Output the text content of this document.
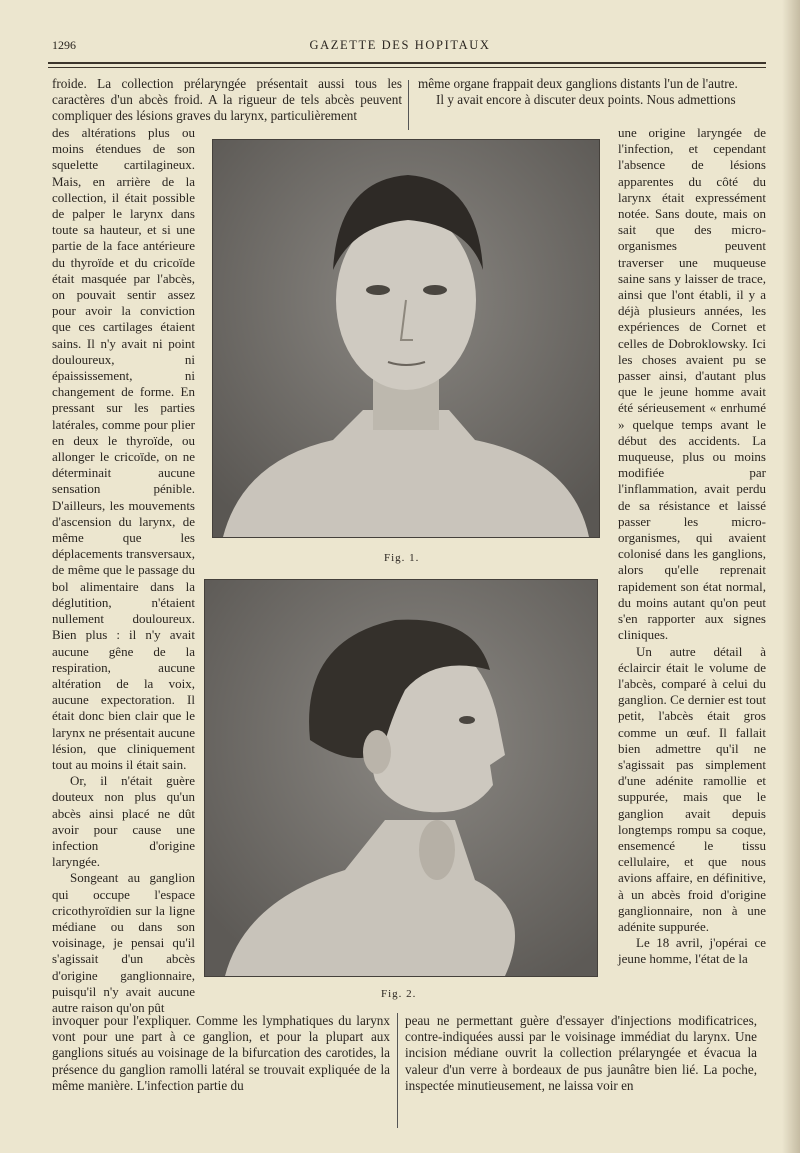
1296	GAZETTE DES HOPITAUX

froide. La collection prélaryngée présentait aussi tous les caractères d'un abcès froid. A la rigueur de tels abcès peuvent compliquer des lésions graves du larynx, particulièrement

même organe frappait deux ganglions distants l'un de l'autre.

Il y avait encore à discuter deux points. Nous admettions

des altérations plus ou moins étendues de son squelette cartilagineux. Mais, en arrière de la collection, il était possible de palper le larynx dans toute sa hauteur, et si une partie de la face antérieure du thyroïde et du cricoïde était masquée par l'abcès, on pouvait sentir assez pour avoir la conviction que ces cartilages étaient sains. Il n'y avait ni point douloureux, ni épaississement, ni changement de forme. En pressant sur les parties latérales, comme pour plier en deux le thyroïde, ou allonger le cricoïde, on ne déterminait aucune sensation pénible. D'ailleurs, les mouvements d'ascension du larynx, de même que les déplacements transversaux, de même que le passage du bol alimentaire dans la déglutition, n'étaient nullement douloureux. Bien plus : il n'y avait aucune gêne de la respiration, aucune altération de la voix, aucune expectoration. Il était donc bien clair que le larynx ne présentait aucune lésion, que cliniquement tout au moins il était sain.

Or, il n'était guère douteux non plus qu'un abcès ainsi placé ne dût avoir pour cause une infection d'origine laryngée.

Songeant au ganglion qui occupe l'espace cricothyroïdien sur la ligne médiane ou dans son voisinage, je pensai qu'il s'agissait d'un abcès d'origine ganglionnaire, puisqu'il n'y avait aucune autre raison qu'on pût

une origine laryngée de l'infection, et cependant l'absence de lésions apparentes du côté du larynx était expressément notée. Sans doute, mais on sait que des micro-organismes peuvent traverser une muqueuse saine sans y laisser de trace, ainsi que l'ont établi, il y a déjà plusieurs années, les expériences de Cornet et celles de Dobroklowsky. Ici les choses avaient pu se passer ainsi, d'autant plus que le jeune homme avait été sérieusement « enrhumé » quelque temps avant le début des accidents. La muqueuse, plus ou moins modifiée par l'inflammation, avait perdu de sa résistance et laissé passer les micro-organismes, qui avaient colonisé dans les ganglions, alors qu'elle reprenait rapidement son état normal, du moins autant qu'on peut s'en rapporter aux signes cliniques.

Un autre détail à éclaircir était le volume de l'abcès, comparé à celui du ganglion. Ce dernier est tout petit, l'abcès était gros comme un œuf. Il fallait bien admettre qu'il ne s'agissait pas simplement d'une adénite ramollie et suppurée, mais que le ganglion avait depuis longtemps rompu sa coque, ensemencé le tissu cellulaire, et que nous avions affaire, en définitive, à un abcès froid d'origine ganglionnaire, non à une adénite suppurée.

Le 18 avril, j'opérai ce jeune homme, l'état de la

Fig. 1.
Fig. 2.

invoquer pour l'expliquer. Comme les lymphatiques du larynx vont pour une part à ce ganglion, et pour la plupart aux ganglions situés au voisinage de la bifurcation des carotides, la présence du ganglion ramolli latéral se trouvait expliquée de la même manière. L'infection partie du

peau ne permettant guère d'essayer d'injections modificatrices, contre-indiquées aussi par le voisinage immédiat du larynx. Une incision médiane ouvrit la collection prélaryngée et évacua la valeur d'un verre à bordeaux de pus jaunâtre bien lié. La poche, inspectée minutieusement, ne laissa voir en
